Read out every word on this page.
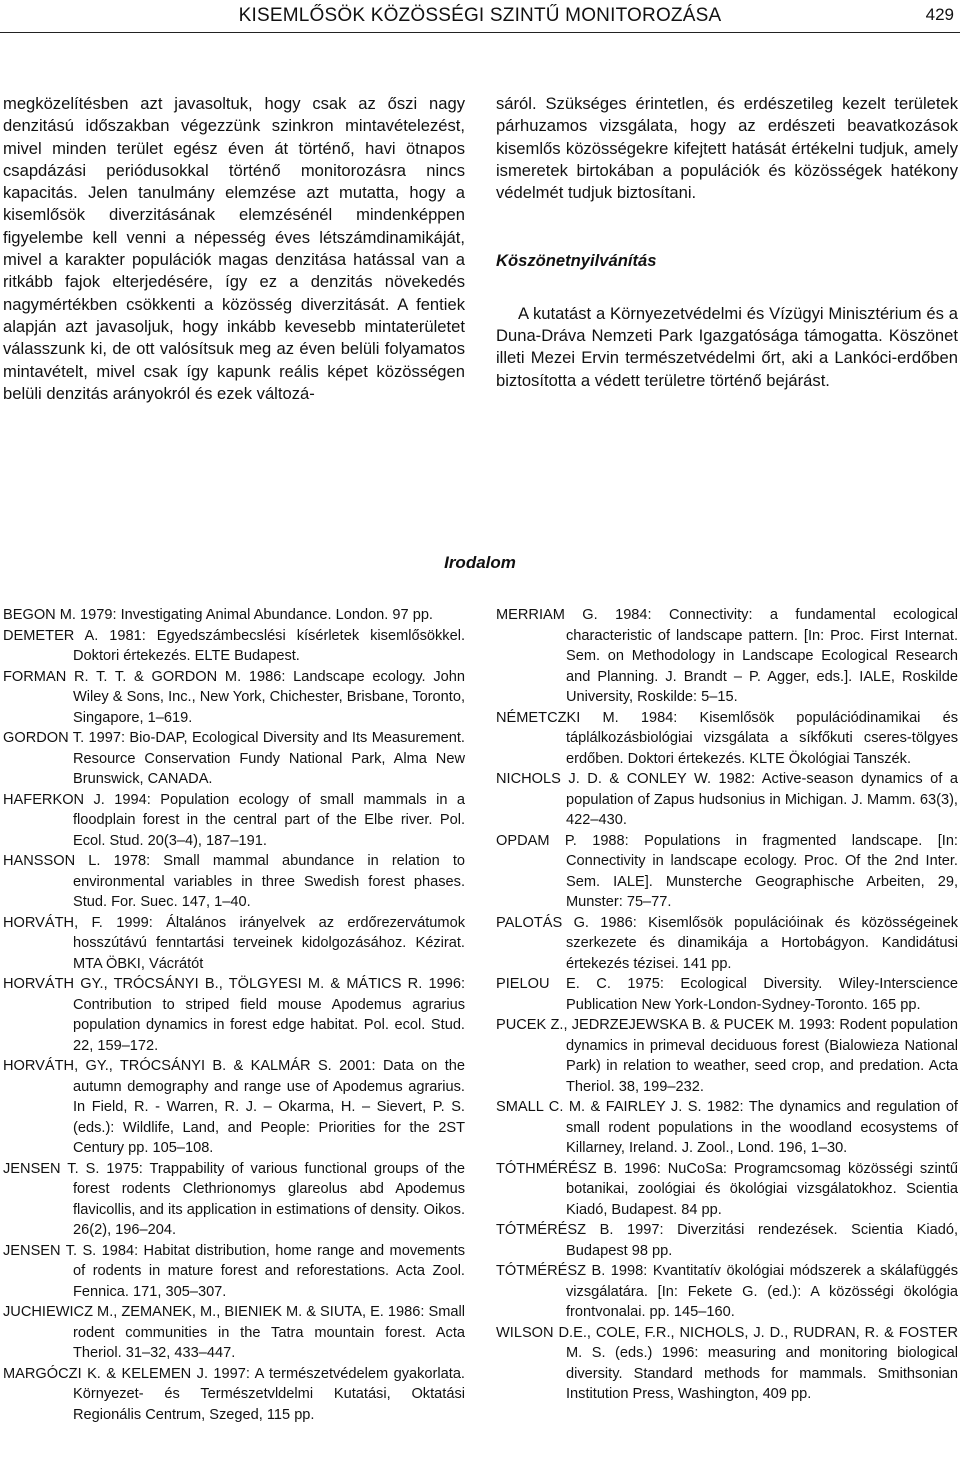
KISEMLŐSÖK KÖZÖSSÉGI SZINTŰ MONITOROZÁSA	429

megközelítésben azt javasoltuk, hogy csak az őszi nagy denzitású időszakban végezzünk szinkron mintavételezést, mivel minden terület egész éven át történő, havi ötnapos csapdázási periódusokkal történő monitorozásra nincs kapacitás. Jelen tanulmány elemzése azt mutatta, hogy a kisemlősök diverzitásának elemzésénél mindenképpen figyelembe kell venni a népesség éves létszámdinamikáját, mivel a karakter populációk magas denzitása hatással van a ritkább fajok elterjedésére, így ez a denzitás növekedés nagymértékben csökkenti a közösség diverzitását. A fentiek alapján azt javasoljuk, hogy inkább kevesebb mintaterületet válasszunk ki, de ott valósítsuk meg az éven belüli folyamatos mintavételt, mivel csak így kapunk reális képet közösségen belüli denzitás arányokról és ezek változá-

sáról. Szükséges érintetlen, és erdészetileg kezelt területek párhuzamos vizsgálata, hogy az erdészeti beavatkozások kisemlős közösségekre kifejtett hatását értékelni tudjuk, amely ismeretek birtokában a populációk és közösségek hatékony védelmét tudjuk biztosítani.

Köszönetnyilvánítás

A kutatást a Környezetvédelmi és Vízügyi Minisztérium és a Duna-Dráva Nemzeti Park Igazgatósága támogatta. Köszönet illeti Mezei Ervin természetvédelmi őrt, aki a Lankóci-erdőben biztosította a védett területre történő bejárást.

Irodalom

BEGON M. 1979: Investigating Animal Abundance. London. 97 pp.

DEMETER A. 1981: Egyedszámbecslési kísérletek kisemlősökkel. Doktori értekezés. ELTE Budapest.

FORMAN R. T. T. & GORDON M. 1986: Landscape ecology. John Wiley & Sons, Inc., New York, Chichester, Brisbane, Toronto, Singapore, 1–619.

GORDON T. 1997: Bio-DAP, Ecological Diversity and Its Measurement. Resource Conservation Fundy National Park, Alma New Brunswick, CANADA.

HAFERKON J. 1994: Population ecology of small mammals in a floodplain forest in the central part of the Elbe river. Pol. Ecol. Stud. 20(3–4), 187–191.

HANSSON L. 1978: Small mammal abundance in relation to environmental variables in three Swedish forest phases. Stud. For. Suec. 147, 1–40.

HORVÁTH, F. 1999: Általános irányelvek az erdőrezervátumok hosszútávú fenntartási terveinek kidolgozásához. Kézirat. MTA ÖBKI, Vácrátót

HORVÁTH GY., TRÓCSÁNYI B., TÖLGYESI M. & MÁTICS R. 1996: Contribution to striped field mouse Apodemus agrarius population dynamics in forest edge habitat. Pol. ecol. Stud. 22, 159–172.

HORVÁTH, GY., TRÓCSÁNYI B. & KALMÁR S. 2001: Data on the autumn demography and range use of Apodemus agrarius. In Field, R. - Warren, R. J. – Okarma, H. – Sievert, P. S. (eds.): Wildlife, Land, and People: Priorities for the 2ST Century pp. 105–108.

JENSEN T. S. 1975: Trappability of various functional groups of the forest rodents Clethrionomys glareolus abd Apodemus flavicollis, and its application in estimations of density. Oikos. 26(2), 196–204.

JENSEN T. S. 1984: Habitat distribution, home range and movements of rodents in mature forest and reforestations. Acta Zool. Fennica. 171, 305–307.

JUCHIEWICZ M., ZEMANEK, M., BIENIEK M. & SIUTA, E. 1986: Small rodent communities in the Tatra mountain forest. Acta Theriol. 31–32, 433–447.

MARGÓCZI K. & KELEMEN J. 1997: A természetvédelem gyakorlata. Környezet- és Természetvldelmi Kutatási, Oktatási Regionális Centrum, Szeged, 115 pp.

MERRIAM G. 1984: Connectivity: a fundamental ecological characteristic of landscape pattern. [In: Proc. First Internat. Sem. on Methodology in Landscape Ecological Research and Planning. J. Brandt – P. Agger, eds.]. IALE, Roskilde University, Roskilde: 5–15.

NÉMETCZKI M. 1984: Kisemlősök populációdinamikai és táplálkozásbiológiai vizsgálata a síkfőkuti cseres-tölgyes erdőben. Doktori értekezés. KLTE Ökológiai Tanszék.

NICHOLS J. D. & CONLEY W. 1982: Active-season dynamics of a population of Zapus hudsonius in Michigan. J. Mamm. 63(3), 422–430.

OPDAM P. 1988: Populations in fragmented landscape. [In: Connectivity in landscape ecology. Proc. Of the 2nd Inter. Sem. IALE]. Munsterche Geographische Arbeiten, 29, Munster: 75–77.

PALOTÁS G. 1986: Kisemlősök populációinak és közösségeinek szerkezete és dinamikája a Hortobágyon. Kandidátusi értekezés tézisei. 141 pp.

PIELOU E. C. 1975: Ecological Diversity. Wiley-Interscience Publication New York-London-Sydney-Toronto. 165 pp.

PUCEK Z., JEDRZEJEWSKA B. & PUCEK M. 1993: Rodent population dynamics in primeval deciduous forest (Bialowieza National Park) in relation to weather, seed crop, and predation. Acta Theriol. 38, 199–232.

SMALL C. M. & FAIRLEY J. S. 1982: The dynamics and regulation of small rodent populations in the woodland ecosystems of Killarney, Ireland. J. Zool., Lond. 196, 1–30.

TÓTHMÉRÉSZ B. 1996: NuCoSa: Programcsomag közösségi szintű botanikai, zoológiai és ökológiai vizsgálatokhoz. Scientia Kiadó, Budapest. 84 pp.

TÓTMÉRÉSZ B. 1997: Diverzitási rendezések. Scientia Kiadó, Budapest 98 pp.

TÓTMÉRÉSZ B. 1998: Kvantitatív ökológiai módszerek a skálafüggés vizsgálatára. [In: Fekete G. (ed.): A közösségi ökológia frontvonalai. pp. 145–160.

WILSON D.E., COLE, F.R., NICHOLS, J. D., RUDRAN, R. & FOSTER M. S. (eds.) 1996: measuring and monitoring biological diversity. Standard methods for mammals. Smithsonian Institution Press, Washington, 409 pp.
